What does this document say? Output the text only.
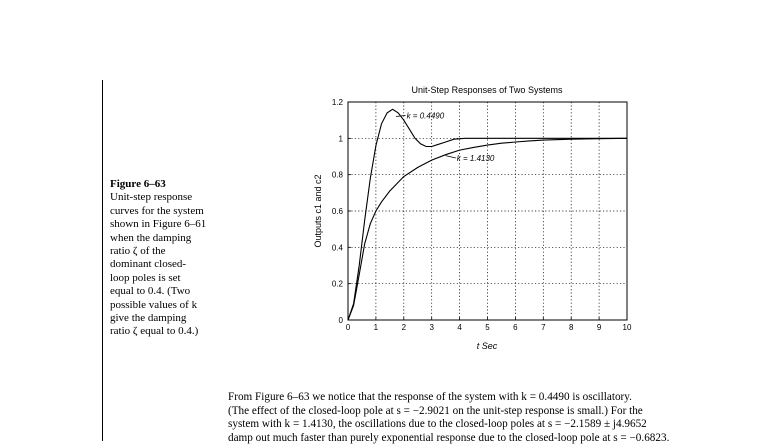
Figure 6–63
Unit-step response
curves for the system
shown in Figure 6–61
when the damping
ratio ζ of the
dominant closed-
loop poles is set
equal to 0.4. (Two
possible values of k
give the damping
ratio ζ equal to 0.4.)
Unit-Step Responses of Two Systems
0	1	2	3	4	5	6	7	8	9	10
0
0.2
0.4
0.6
0.8
1
1.2
k = 0.4490
k = 1.4130
t Sec
Outputs c1 and c2
From Figure 6–63 we notice that the response of the system with k = 0.4490 is oscillatory.
(The effect of the closed-loop pole at s = −2.9021 on the unit-step response is small.) For the
system with k = 1.4130, the oscillations due to the closed-loop poles at s = −2.1589 ± j4.9652
damp out much faster than purely exponential response due to the closed-loop pole at s = −0.6823.
